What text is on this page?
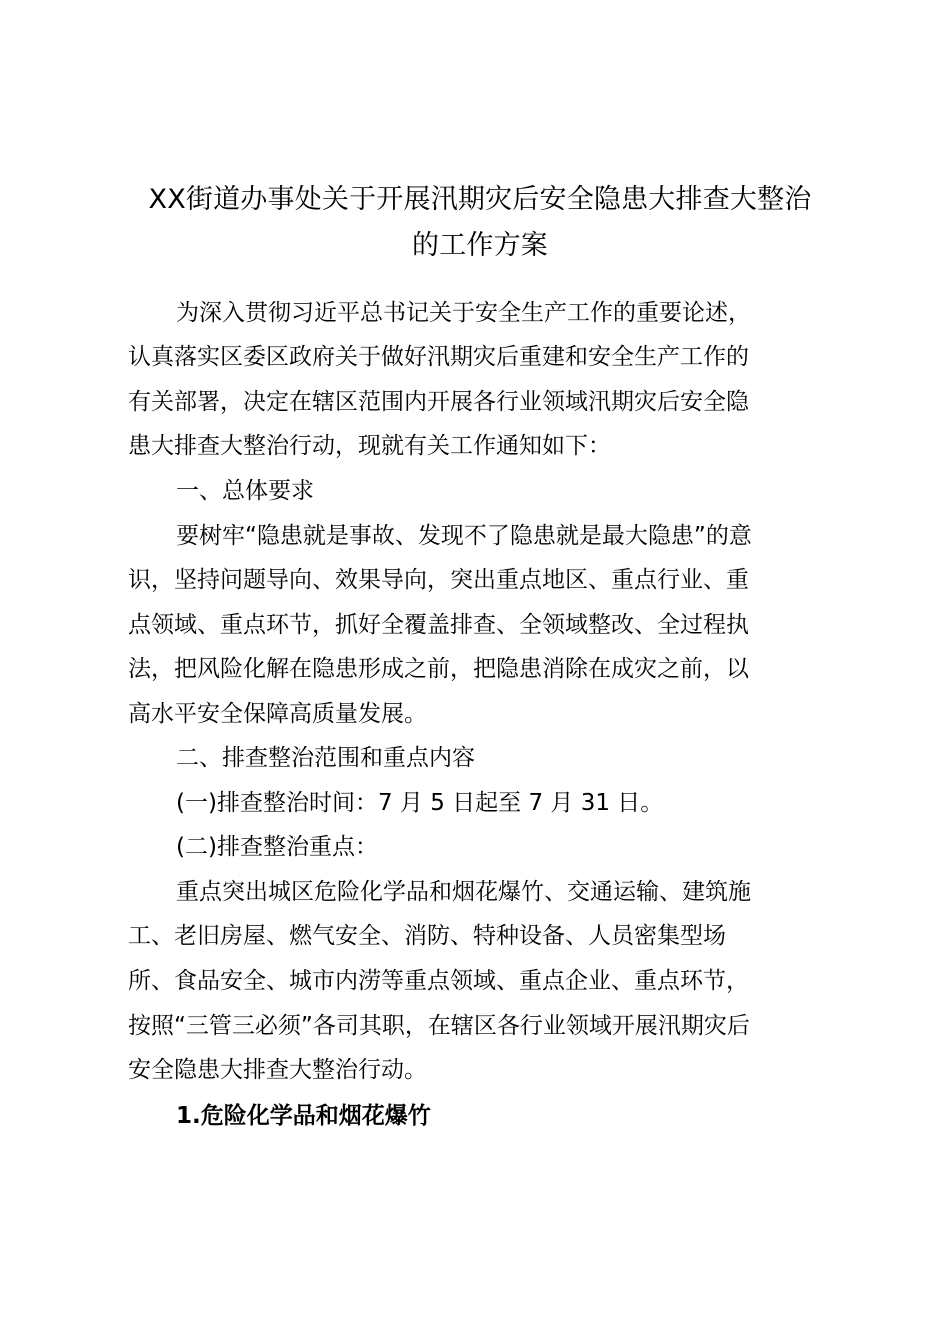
XX街道办事处关于开展汛期灾后安全隐患大排查大整治
的工作方案
为深入贯彻习近平总书记关于安全生产工作的重要论述，
认真落实区委区政府关于做好汛期灾后重建和安全生产工作的
有关部署，决定在辖区范围内开展各行业领域汛期灾后安全隐
患大排查大整治行动，现就有关工作通知如下：
一、总体要求
要树牢“隐患就是事故、发现不了隐患就是最大隐患”的意
识，坚持问题导向、效果导向，突出重点地区、重点行业、重
点领域、重点环节，抓好全覆盖排查、全领域整改、全过程执
法，把风险化解在隐患形成之前，把隐患消除在成灾之前，以
高水平安全保障高质量发展。
二、排查整治范围和重点内容
(一)排查整治时间：7 月 5 日起至 7 月 31 日。
(二)排查整治重点：
重点突出城区危险化学品和烟花爆竹、交通运输、建筑施
工、老旧房屋、燃气安全、消防、特种设备、人员密集型场
所、食品安全、城市内涝等重点领域、重点企业、重点环节，
按照“三管三必须”各司其职，在辖区各行业领域开展汛期灾后
安全隐患大排查大整治行动。
1.危险化学品和烟花爆竹
